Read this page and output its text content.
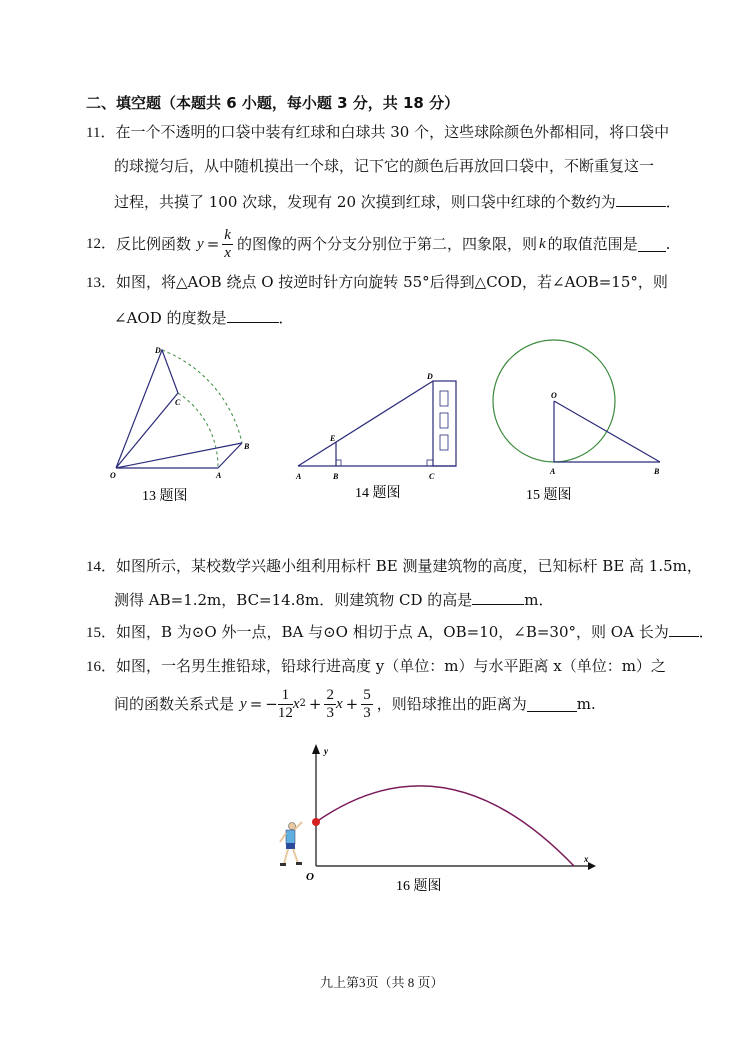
二、填空题（本题共 6 小题，每小题 3 分，共 18 分）
11．在一个不透明的口袋中装有红球和白球共 30 个，这些球除颜色外都相同，将口袋中
的球搅匀后，从中随机摸出一个球，记下它的颜色后再放回口袋中，不断重复这一
过程，共摸了 100 次球，发现有 20 次摸到红球，则口袋中红球的个数约为	．
12． 反比例函数 $y = \frac{k}{x}$ 的图像的两个分支分别位于第二，四象限，则 k 的取值范围是 .
13．如图，将△AOB 绕点 O 按逆时针方向旋转 55°后得到△COD，若∠AOB=15°，则
∠AOD 的度数是	．
D
C
B
O	A
13 题图
D
E
A	B	C
14 题图
O
A	B
15 题图
14．如图所示，某校数学兴趣小组利用标杆 BE 测量建筑物的高度，已知标杆 BE 高 1.5m，
测得 AB=1.2m，BC=14.8m．则建筑物 CD 的高是	m．
15．如图，B 为⊙O 外一点，BA 与⊙O 相切于点 A，OB=10，∠B=30°，则 OA 长为 ．
16．如图，一名男生推铅球，铅球行进高度 y（单位：m）与水平距离 x（单位：m）之
间的函数关系式是 y = − $\frac{1}{12}$ x $2 + \frac{2}{3}$ $x + \frac{5}{3}$ ，则铅球推出的距离为	m.
y
x
O
16 题图
九上第3页（共 8 页）
